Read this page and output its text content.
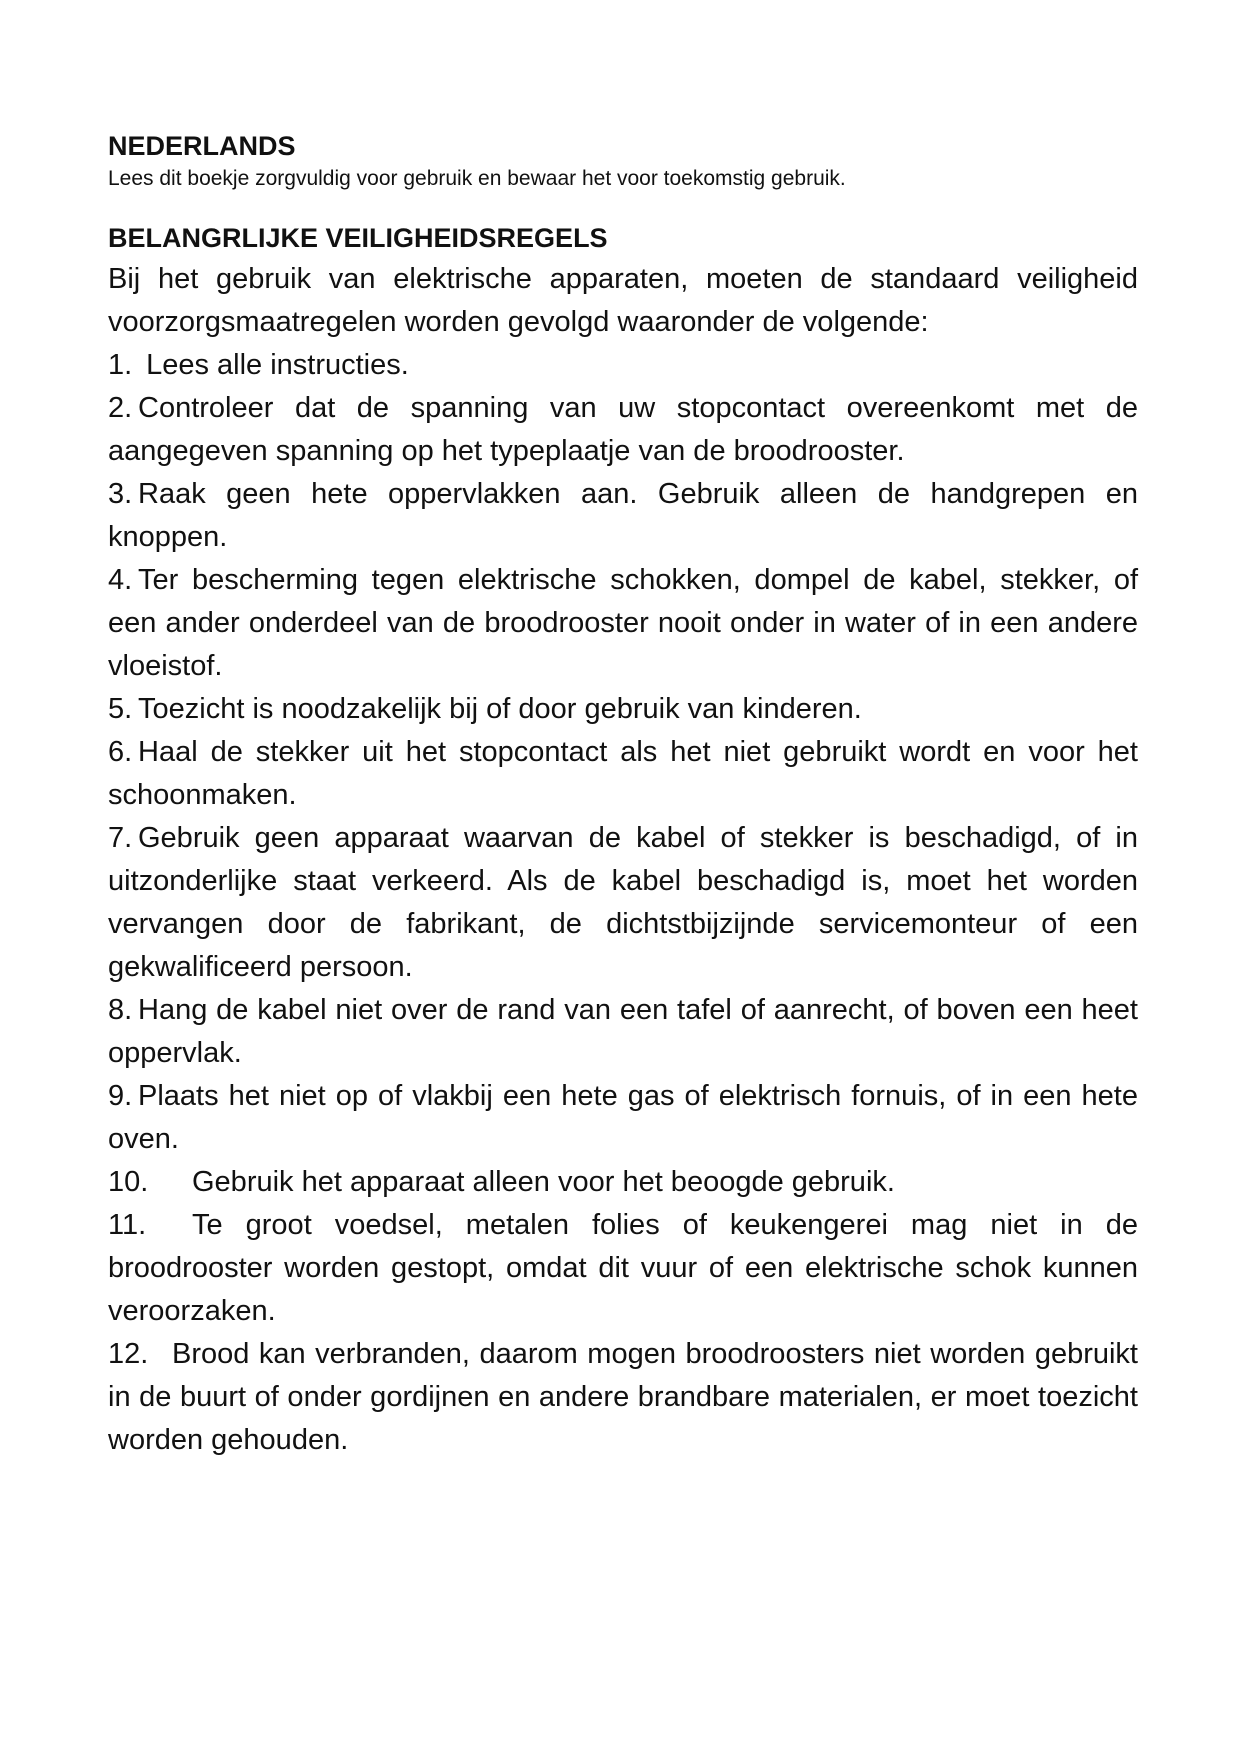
NEDERLANDS

Lees dit boekje zorgvuldig voor gebruik en bewaar het voor toekomstig gebruik.

BELANGRLIJKE VEILIGHEIDSREGELS

Bij het gebruik van elektrische apparaten, moeten de standaard veiligheid voorzorgsmaatregelen worden gevolgd waaronder de volgende:

1. Lees alle instructies.
2. Controleer dat de spanning van uw stopcontact overeenkomt met de aangegeven spanning op het typeplaatje van de broodrooster.
3. Raak geen hete oppervlakken aan. Gebruik alleen de handgrepen en knoppen.
4. Ter bescherming tegen elektrische schokken, dompel de kabel, stekker, of een ander onderdeel van de broodrooster nooit onder in water of in een andere vloeistof.
5. Toezicht is noodzakelijk bij of door gebruik van kinderen.
6. Haal de stekker uit het stopcontact als het niet gebruikt wordt en voor het schoonmaken.
7. Gebruik geen apparaat waarvan de kabel of stekker is beschadigd, of in uitzonderlijke staat verkeerd. Als de kabel beschadigd is, moet het worden vervangen door de fabrikant, de dichtstbijzijnde servicemonteur of een gekwalificeerd persoon.
8. Hang de kabel niet over de rand van een tafel of aanrecht, of boven een heet oppervlak.
9. Plaats het niet op of vlakbij een hete gas of elektrisch fornuis, of in een hete oven.
10. Gebruik het apparaat alleen voor het beoogde gebruik.
11. Te groot voedsel, metalen folies of keukengerei mag niet in de broodrooster worden gestopt, omdat dit vuur of een elektrische schok kunnen veroorzaken.
12. Brood kan verbranden, daarom mogen broodroosters niet worden gebruikt in de buurt of onder gordijnen en andere brandbare materialen, er moet toezicht worden gehouden.
